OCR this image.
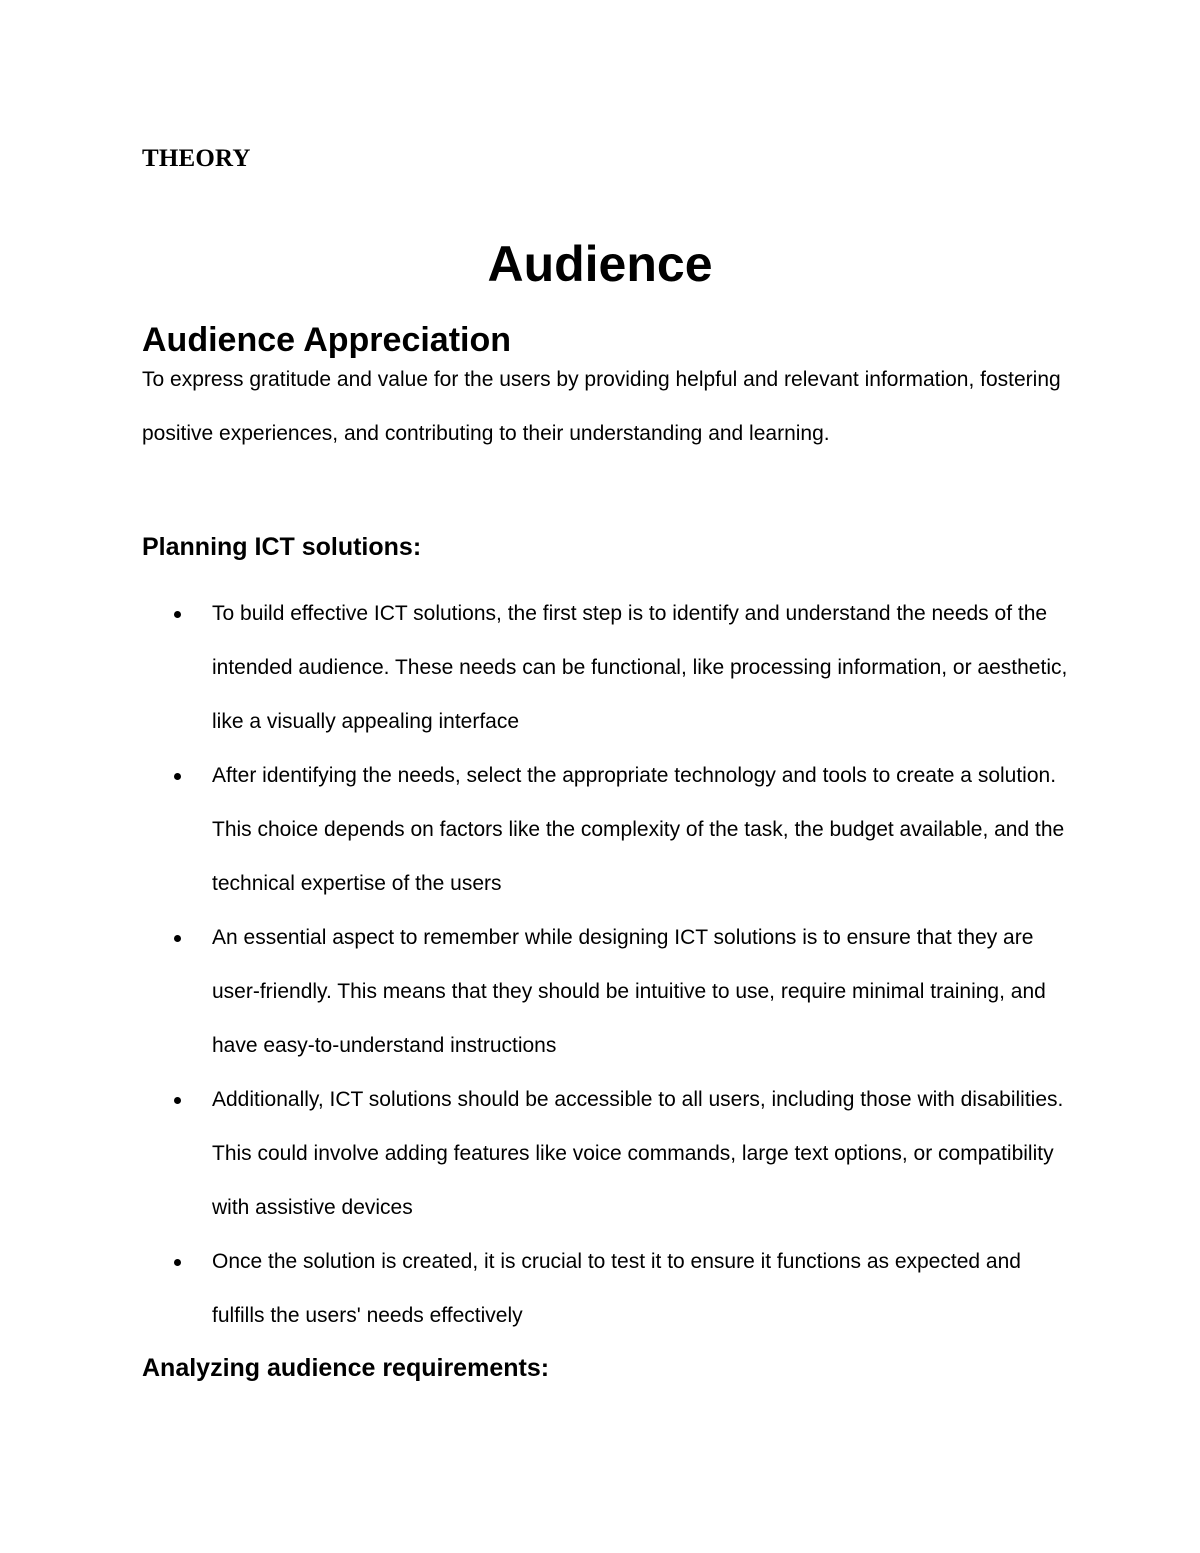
THEORY
Audience
Audience Appreciation

To express gratitude and value for the users by providing helpful and relevant information, fostering positive experiences, and contributing to their understanding and learning.

Planning ICT solutions:
To build effective ICT solutions, the first step is to identify and understand the needs of the intended audience. These needs can be functional, like processing information, or aesthetic, like a visually appealing interface
After identifying the needs, select the appropriate technology and tools to create a solution. This choice depends on factors like the complexity of the task, the budget available, and the technical expertise of the users
An essential aspect to remember while designing ICT solutions is to ensure that they are user-friendly. This means that they should be intuitive to use, require minimal training, and have easy-to-understand instructions
Additionally, ICT solutions should be accessible to all users, including those with disabilities. This could involve adding features like voice commands, large text options, or compatibility with assistive devices
Once the solution is created, it is crucial to test it to ensure it functions as expected and fulfills the users' needs effectively
Analyzing audience requirements:
